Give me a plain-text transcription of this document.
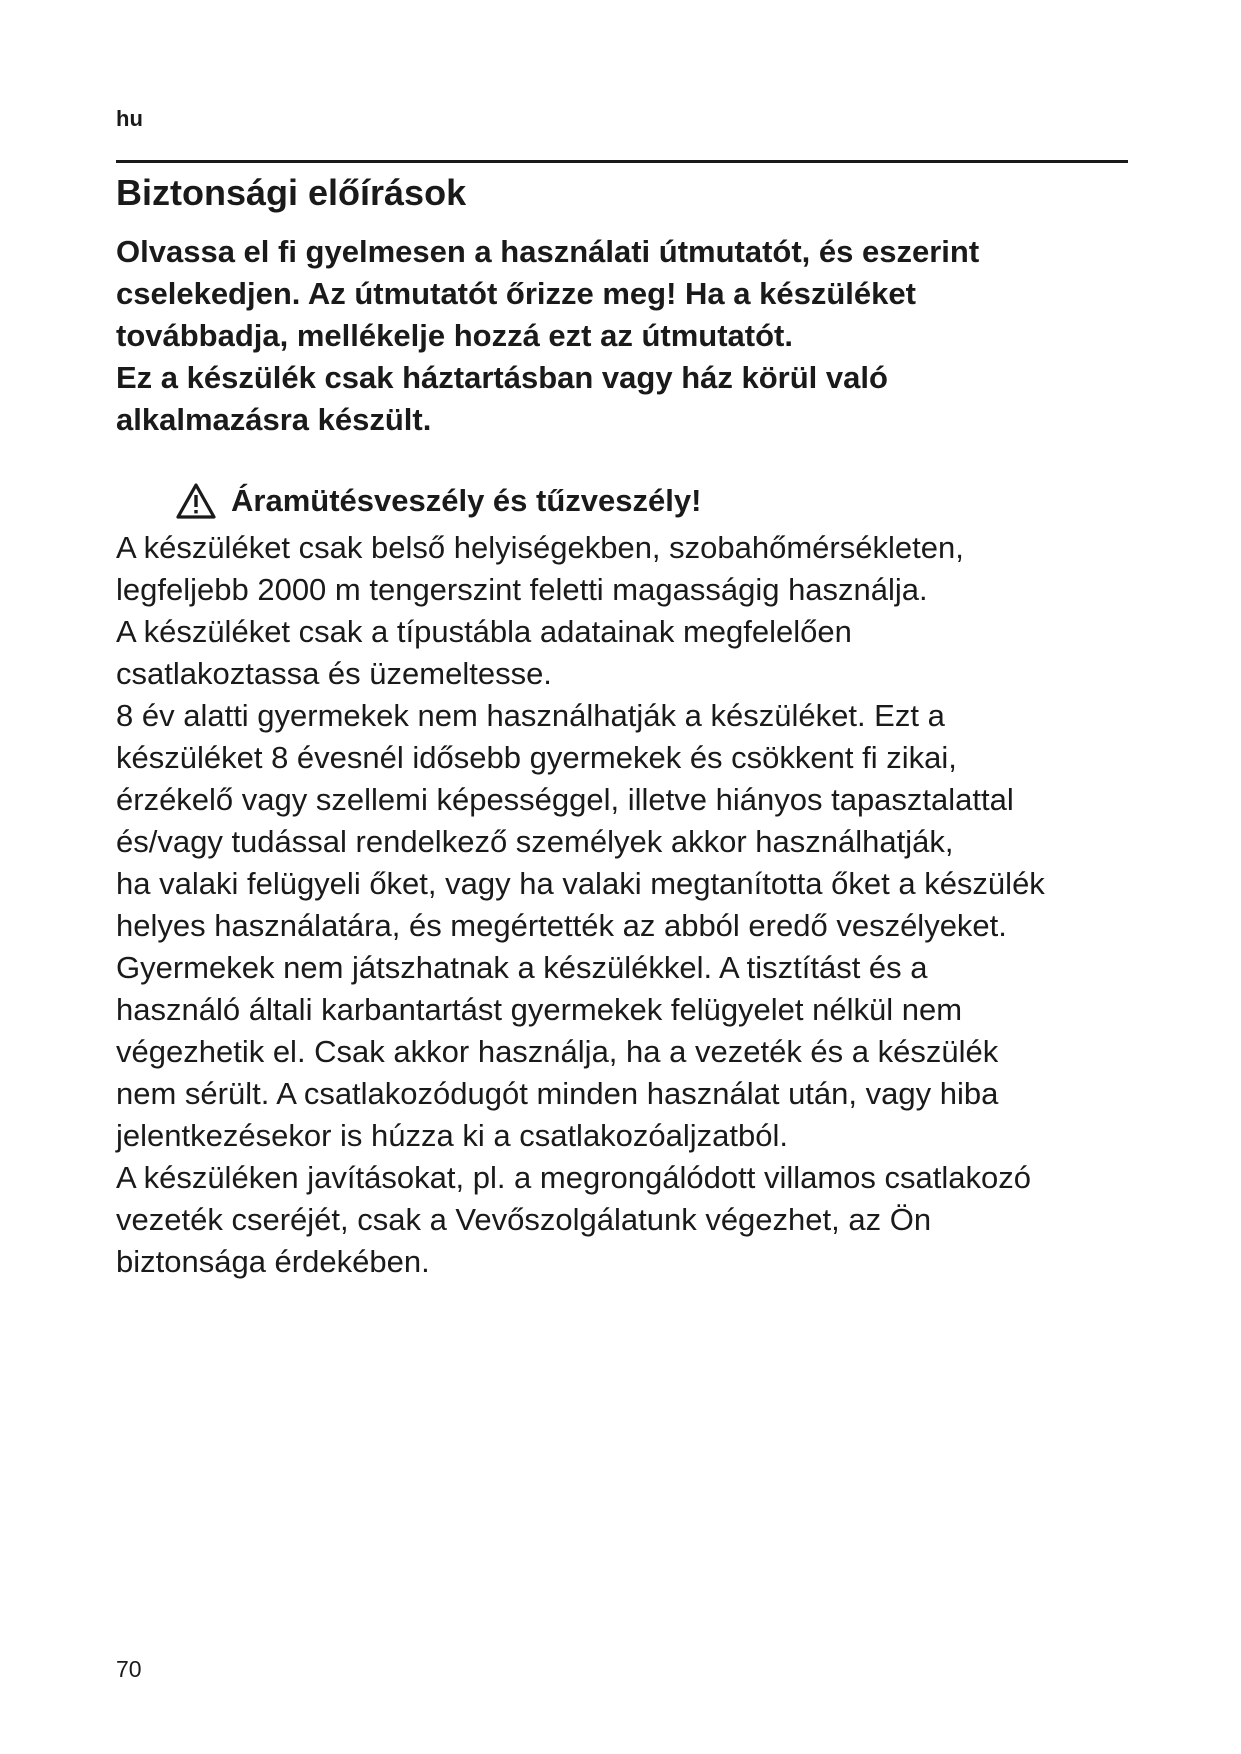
hu
Biztonsági előírások

Olvassa el fi gyelmesen a használati útmutatót, és eszerint
cselekedjen. Az útmutatót őrizze meg! Ha a készüléket
továbbadja, mellékelje hozzá ezt az útmutatót.
Ez a készülék csak háztartásban vagy ház körül való
alkalmazásra készült.

Áramütésveszély és tűzveszély!

A készüléket csak belső helyiségekben, szobahőmérsékleten,
legfeljebb 2000 m tengerszint feletti magasságig használja.
A készüléket csak a típustábla adatainak megfelelően
csatlakoztassa és üzemeltesse.
8 év alatti gyermekek nem használhatják a készüléket. Ezt a
készüléket 8 évesnél idősebb gyermekek és csökkent fi zikai,
érzékelő vagy szellemi képességgel, illetve hiányos tapasztalattal
és/vagy tudással rendelkező személyek akkor használhatják,
ha valaki felügyeli őket, vagy ha valaki megtanította őket a készülék
helyes használatára, és megértették az abból eredő veszélyeket.
Gyermekek nem játszhatnak a készülékkel. A tisztítást és a
használó általi karbantartást gyermekek felügyelet nélkül nem
végezhetik el. Csak akkor használja, ha a vezeték és a készülék
nem sérült. A csatlakozódugót minden használat után, vagy hiba
jelentkezésekor is húzza ki a csatlakozóaljzatból.
A készüléken javításokat, pl. a megrongálódott villamos csatlakozó
vezeték cseréjét, csak a Vevőszolgálatunk végezhet, az Ön
biztonsága érdekében.

70
